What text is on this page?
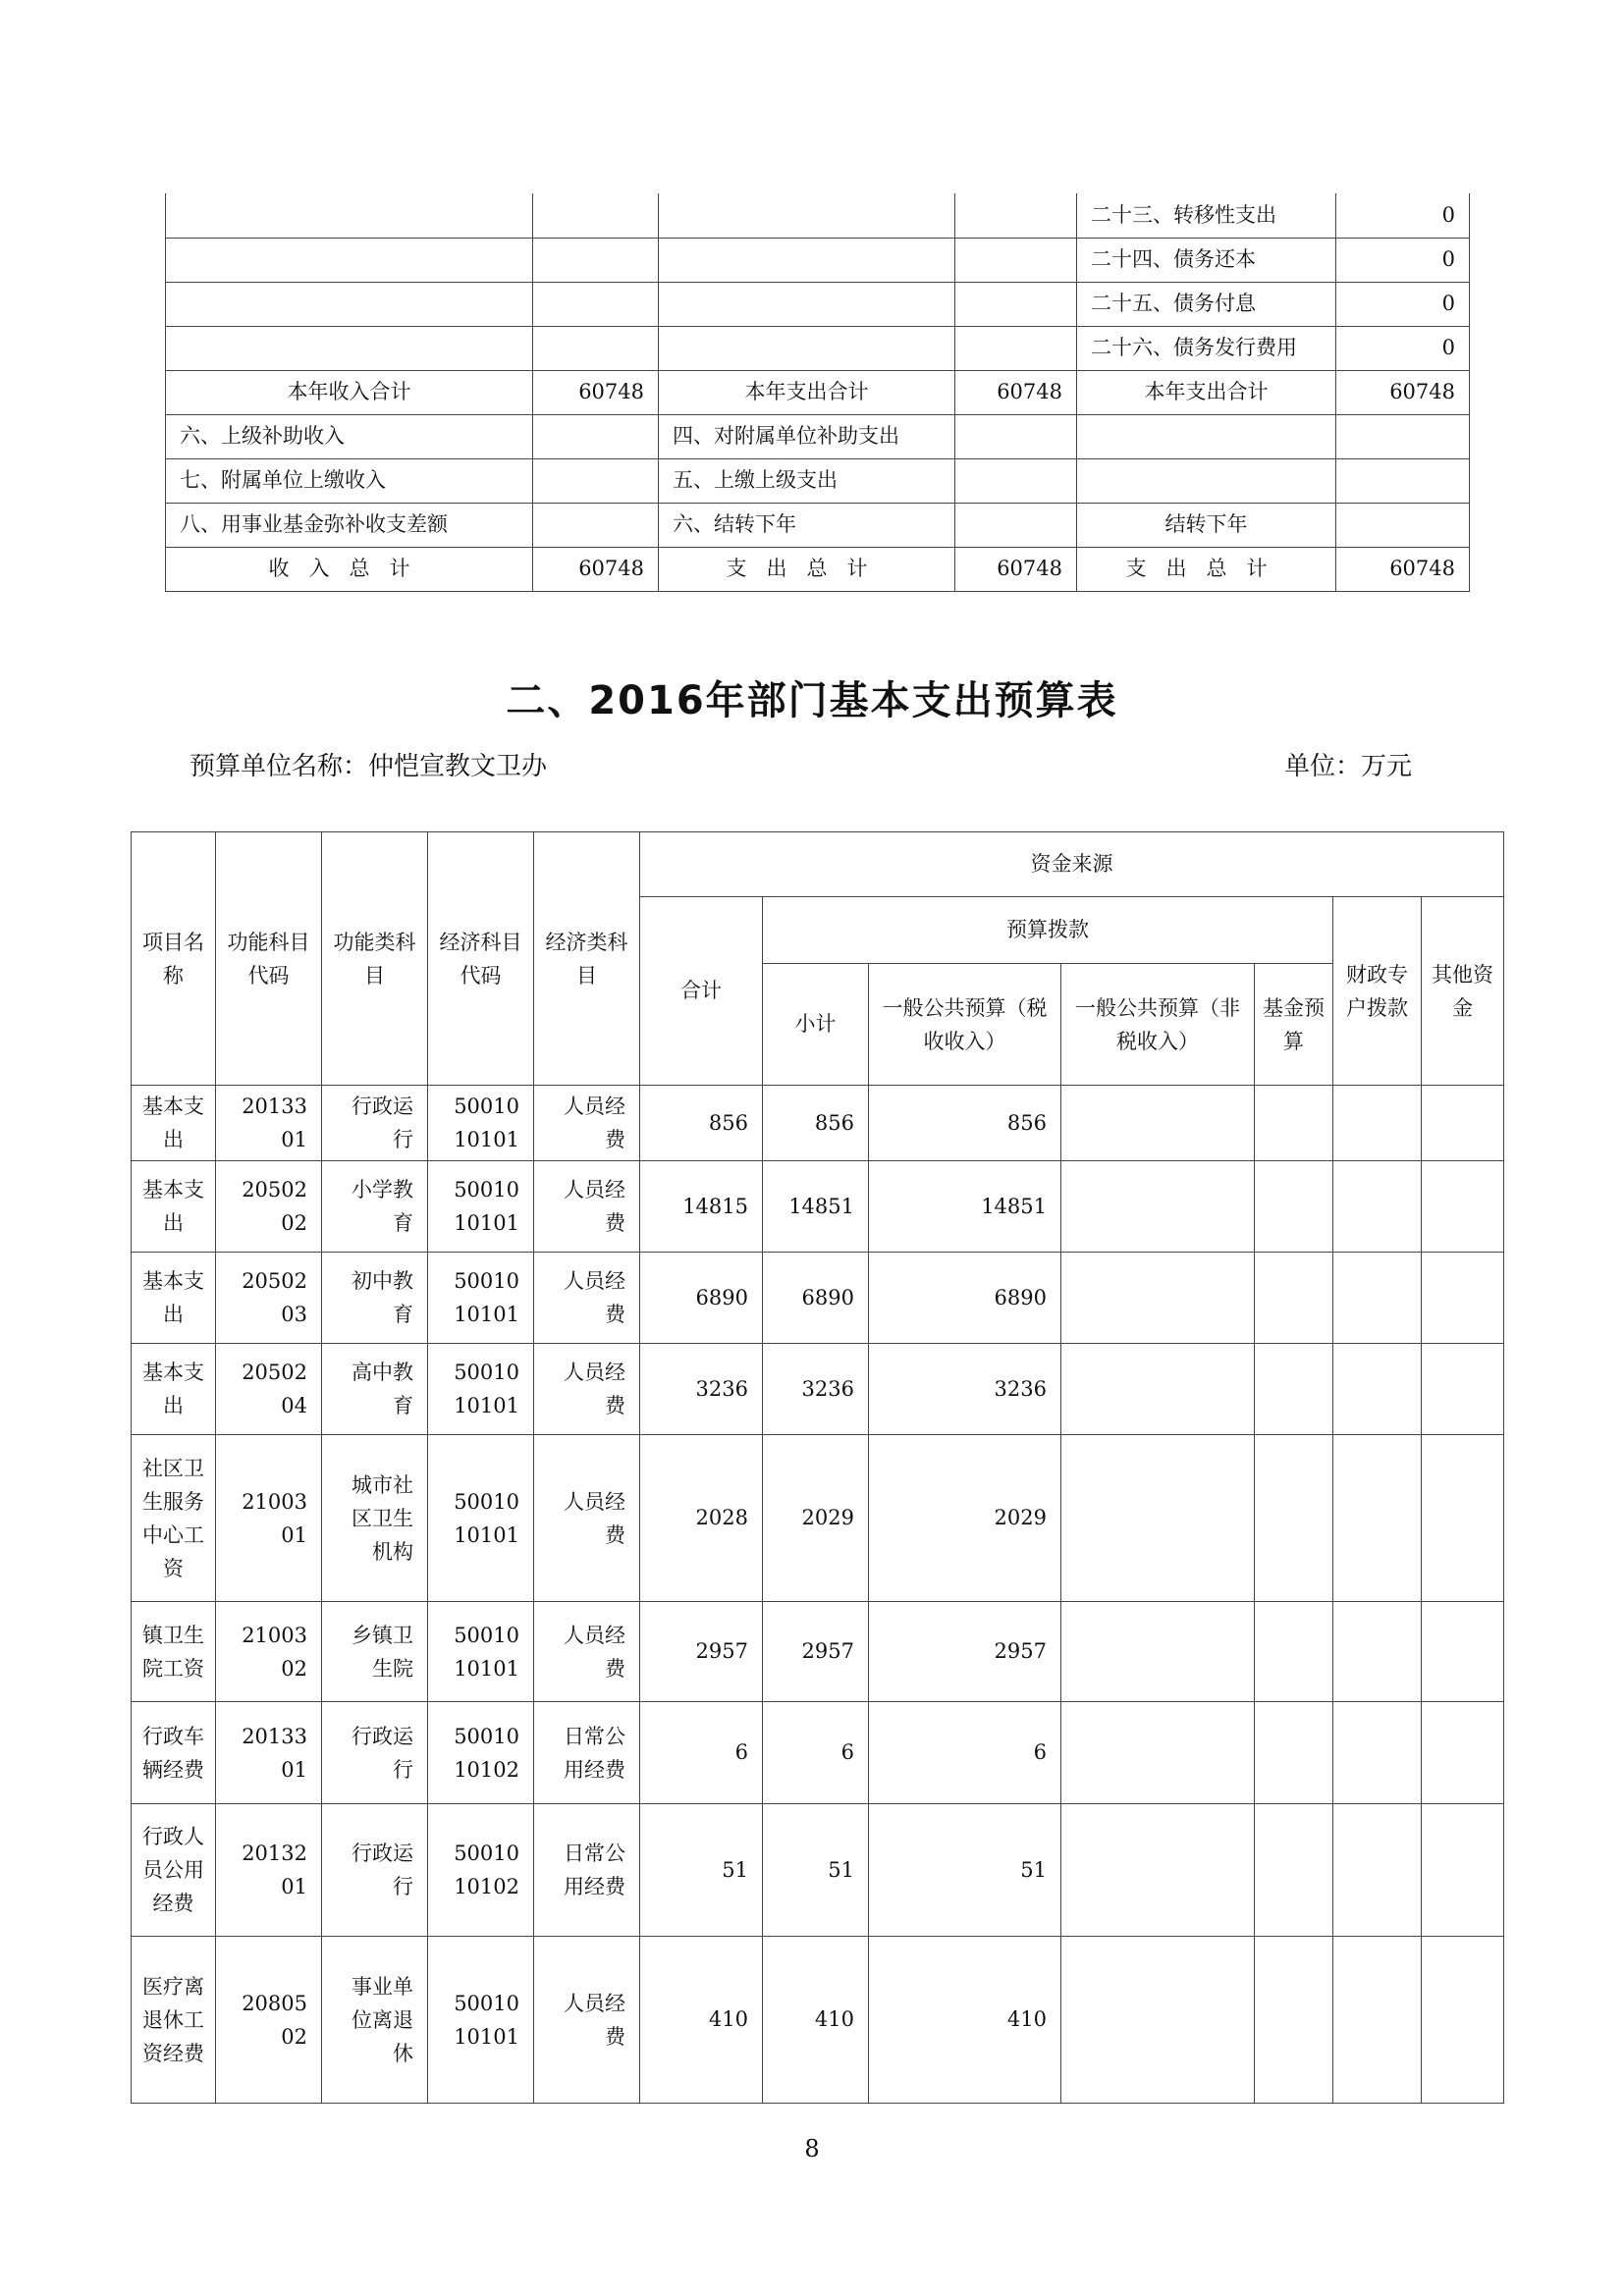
				二十三、转移性支出	0
				二十四、债务还本	0
				二十五、债务付息	0
				二十六、债务发行费用	0
本年收入合计	60748	本年支出合计	60748	本年支出合计	60748
六、上级补助收入		四、对附属单位补助支出			
七、附属单位上缴收入		五、上缴上级支出			
八、用事业基金弥补收支差额		六、结转下年		结转下年	
收入总计	60748	支出总计	60748	支出总计	60748
二、2016年部门基本支出预算表
预算单位名称：仲恺宣教文卫办	单位：万元
项目名称	功能科目代码	功能类科目	经济科目代码	经济类科目	资金来源						
					合计	预算拨款				财政专户拨款	其他资金
						小计	一般公共预算（税收收入）	一般公共预算（非税收入）	基金预算		
基本支出	2013301	行政运行	5001010101	人员经费	856	856	856				
基本支出	2050202	小学教育	5001010101	人员经费	14815	14851	14851				
基本支出	2050203	初中教育	5001010101	人员经费	6890	6890	6890				
基本支出	2050204	高中教育	5001010101	人员经费	3236	3236	3236				
社区卫生服务中心工资	2100301	城市社区卫生机构	5001010101	人员经费	2028	2029	2029				
镇卫生院工资	2100302	乡镇卫生院	5001010101	人员经费	2957	2957	2957				
行政车辆经费	2013301	行政运行	5001010102	日常公用经费	6	6	6				
行政人员公用经费	2013201	行政运行	5001010102	日常公用经费	51	51	51				
医疗离退休工资经费	2080502	事业单位离退休	5001010101	人员经费	410	410	410				
8
